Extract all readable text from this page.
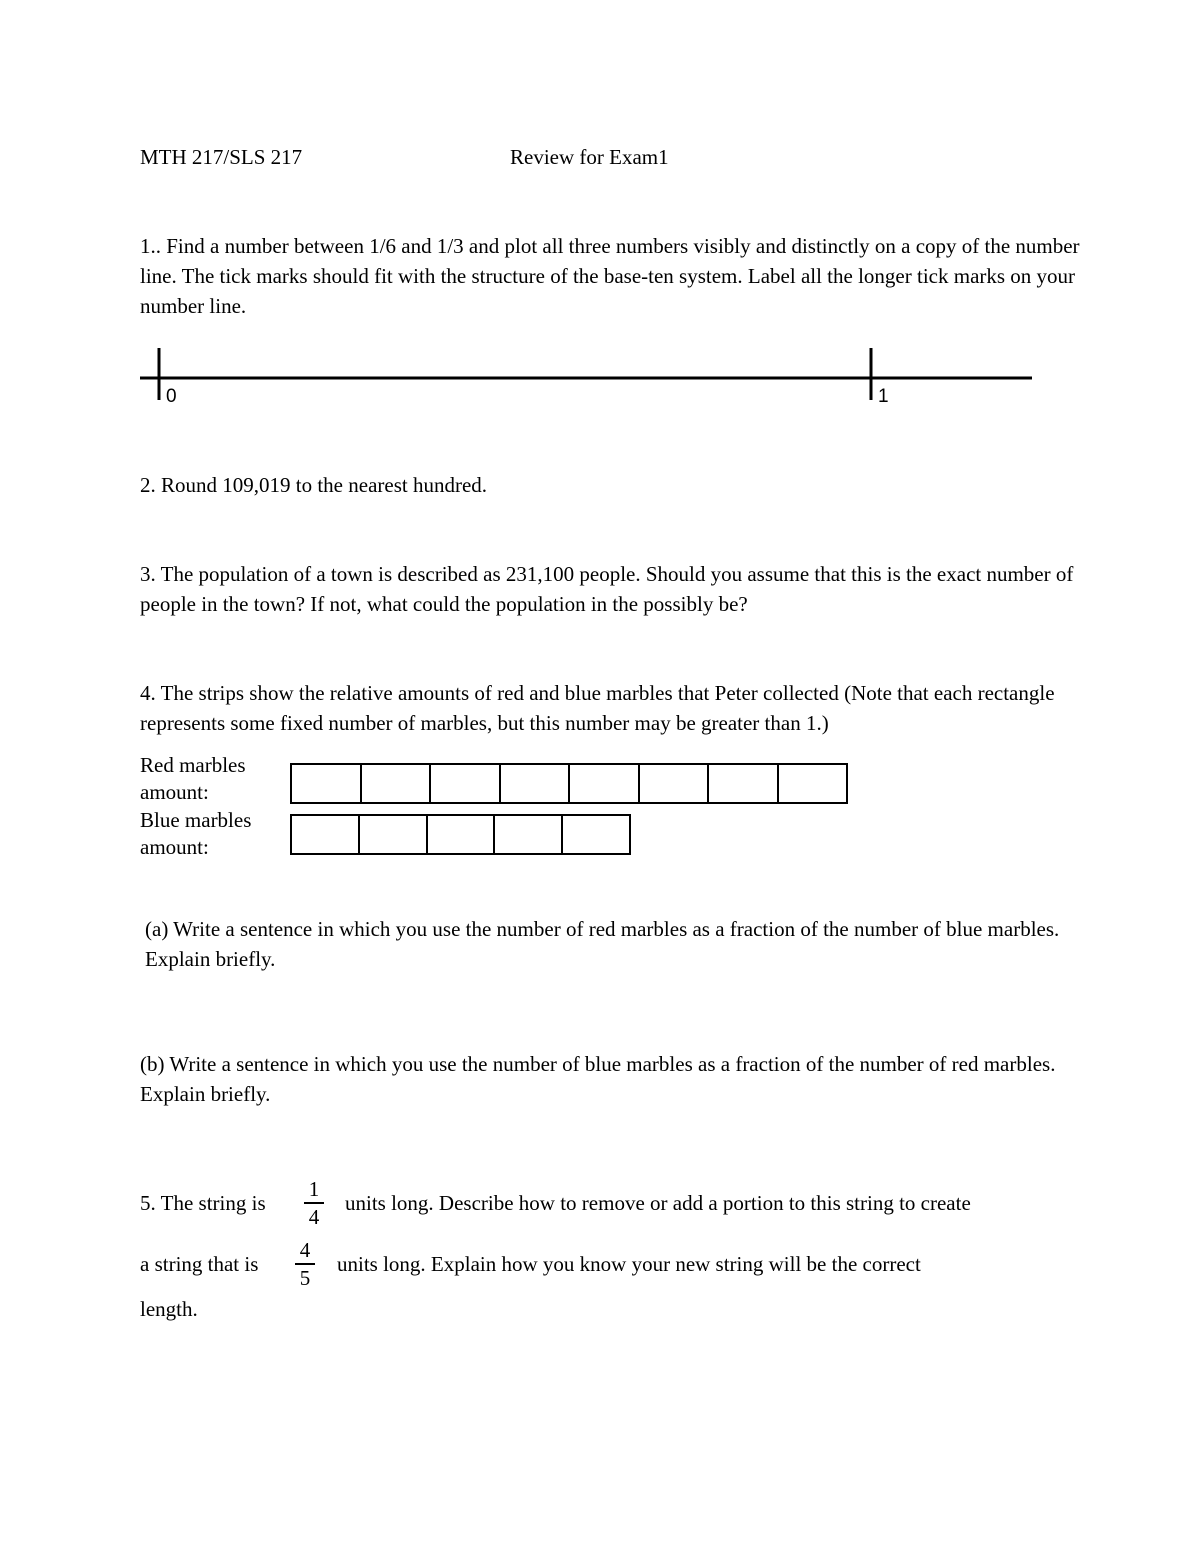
MTH 217/SLS 217	Review for Exam1
1.. Find a number between 1/6 and 1/3 and plot all three numbers visibly and distinctly on a copy of the number line. The tick marks should fit with the structure of the base-ten system. Label all the longer tick marks on your number line.
0	1
2. Round 109,019 to the nearest hundred.
3. The population of a town is described as 231,100 people. Should you assume that this is the exact number of people in the town? If not, what could the population in the possibly be?
4. The strips show the relative amounts of red and blue marbles that Peter collected (Note that each rectangle represents some fixed number of marbles, but this number may be greater than 1.)
Red marbles amount:
Blue marbles amount:
(a) Write a sentence in which you use the number of red marbles as a fraction of the number of blue marbles. Explain briefly.
(b) Write a sentence in which you use the number of blue marbles as a fraction of the number of red marbles. Explain briefly.
5. The string is
1
4
units long. Describe how to remove or add a portion to this string to create
a string that is
4
5
units long. Explain how you know your new string will be the correct
length.
